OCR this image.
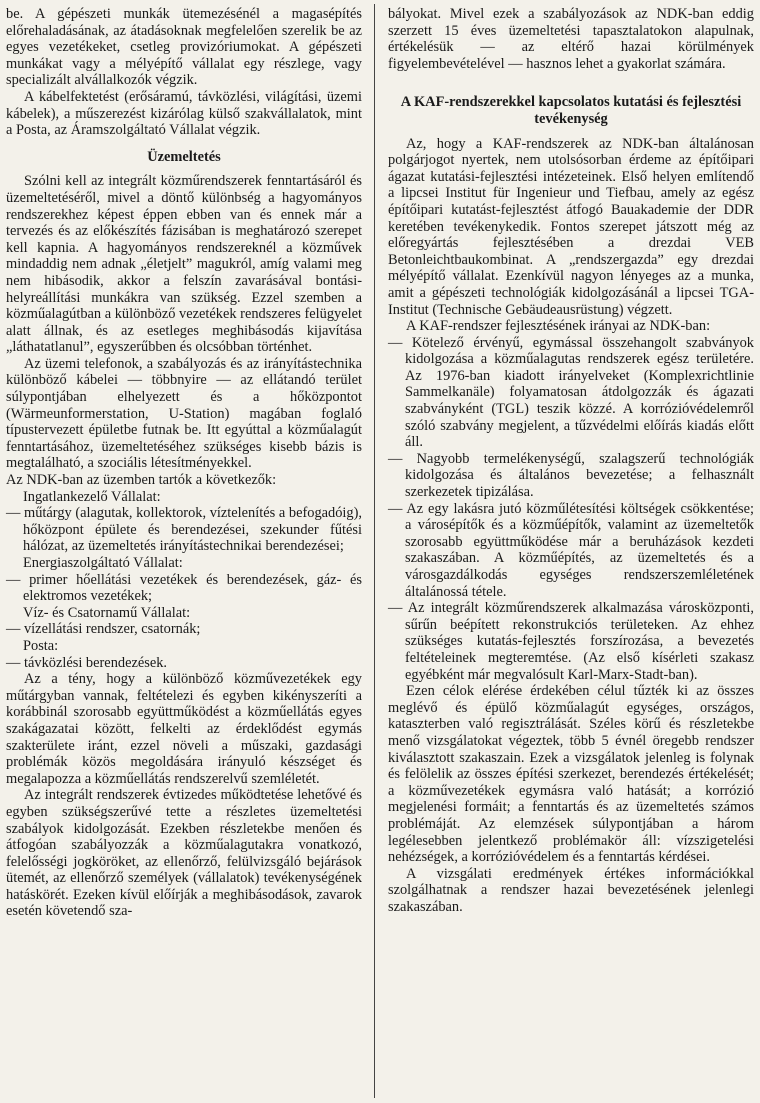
be. A gépészeti munkák ütemezésénél a magasépítés előrehaladásának, az átadásoknak megfelelően szerelik be az egyes vezetékeket, csetleg provizóriumokat. A gépészeti munkákat vagy a mélyépítő vállalat egy részlege, vagy specializált alvállalkozók végzik.

A kábelfektetést (erősáramú, távközlési, világítási, üzemi kábelek), a műszerezést kizárólag külső szakvállalatok, mint a Posta, az Áramszolgáltató Vállalat végzik.

Üzemeltetés

Szólni kell az integrált közműrendszerek fenntartásáról és üzemeltetéséről, mivel a döntő különbség a hagyományos rendszerekhez képest éppen ebben van és ennek már a tervezés és az előkészítés fázisában is meghatározó szerepet kell kapnia. A hagyományos rendszereknél a közművek mindaddig nem adnak „életjelt” magukról, amíg valami meg nem hibásodik, akkor a felszín zavarásával bontási-helyreállítási munkákra van szükség. Ezzel szemben a közműalagútban a különböző vezetékek rendszeres felügyelet alatt állnak, és az esetleges meghibásodás kijavítása „láthatatlanul”, egyszerűbben és olcsóbban történhet.

Az üzemi telefonok, a szabályozás és az irányítástechnika különböző kábelei — többnyire — az ellátandó terület súlypontjában elhelyezett és a hőközpontot (Wärmeunformerstation, U-Station) magában foglaló típustervezett épületbe futnak be. Itt egyúttal a közműalagút fenntartásához, üzemeltetéséhez szükséges kisebb bázis is megtalálható, a szociális létesítményekkel.

Az NDK-ban az üzemben tartók a következők:

Ingatlankezelő Vállalat:
— műtárgy (alagutak, kollektorok, víztelenítés a befogadóig), hőközpont épülete és berendezései, szekunder fűtési hálózat, az üzemeltetés irányítástechnikai berendezései;
Energiaszolgáltató Vállalat:
— primer hőellátási vezetékek és berendezések, gáz- és elektromos vezetékek;
Víz- és Csatornamű Vállalat:
— vízellátási rendszer, csatornák;
Posta:
— távközlési berendezések.

Az a tény, hogy a különböző közművezetékek egy műtárgyban vannak, feltételezi és egyben kikényszeríti a korábbinál szorosabb együttműködést a közműellátás egyes szakágazatai között, felkelti az érdeklődést egymás szakterülete iránt, ezzel növeli a műszaki, gazdasági problémák közös megoldására irányuló készséget és megalapozza a közműellátás rendszerelvű szemléletét.

Az integrált rendszerek évtizedes működtetése lehetővé és egyben szükségszerűvé tette a részletes üzemeltetési szabályok kidolgozását. Ezekben részletekbe menően és átfogóan szabályozzák a közműalagutakra vonatkozó, felelősségi jogköröket, az ellenőrző, felülvizsgáló bejárások ütemét, az ellenőrző személyek (vállalatok) tevékenységének hatáskörét. Ezeken kívül előírják a meghibásodások, zavarok esetén követendő sza-

bályokat. Mivel ezek a szabályozások az NDK-ban eddig szerzett 15 éves üzemeltetési tapasztalatokon alapulnak, értékelésük — az eltérő hazai körülmények figyelembevételével — hasznos lehet a gyakorlat számára.

A KAF-rendszerekkel kapcsolatos kutatási és fejlesztési tevékenység

Az, hogy a KAF-rendszerek az NDK-ban általánosan polgárjogot nyertek, nem utolsósorban érdeme az építőipari ágazat kutatási-fejlesztési intézeteinek. Első helyen említendő a lipcsei Institut für Ingenieur und Tiefbau, amely az egész építőipari kutatást-fejlesztést átfogó Bauakademie der DDR keretében tevékenykedik. Fontos szerepet játszott még az előregyártás fejlesztésében a drezdai VEB Betonleichtbaukombinat. A „rendszergazda” egy drezdai mélyépítő vállalat. Ezenkívül nagyon lényeges az a munka, amit a gépészeti technológiák kidolgozásánál a lipcsei TGA-Institut (Technische Gebäudeausrüstung) végzett.

A KAF-rendszer fejlesztésének irányai az NDK-ban:

— Kötelező érvényű, egymással összehangolt szabványok kidolgozása a közműalagutas rendszerek egész területére. Az 1976-ban kiadott irányelveket (Komplexrichtlinie Sammelkanäle) folyamatosan átdolgozzák és ágazati szabványként (TGL) teszik közzé. A korrózióvédelemről szóló szabvány megjelent, a tűzvédelmi előírás kiadás előtt áll.
— Nagyobb termelékenységű, szalagszerű technológiák kidolgozása és általános bevezetése; a felhasznált szerkezetek tipizálása.
— Az egy lakásra jutó közműlétesítési költségek csökkentése; a városépítők és a közműépítők, valamint az üzemeltetők szorosabb együttműködése már a beruházások kezdeti szakaszában. A közműépítés, az üzemeltetés és a városgazdálkodás egységes rendszerszemléletének általánossá tétele.
— Az integrált közműrendszerek alkalmazása városközponti, sűrűn beépített rekonstrukciós területeken. Az ehhez szükséges kutatás-fejlesztés forszírozása, a bevezetés feltételeinek megteremtése. (Az első kísérleti szakasz egyébként már megvalósult Karl-Marx-Stadt-ban).

Ezen célok elérése érdekében célul tűzték ki az összes meglévő és épülő közműalagút egységes, országos, kataszterben való regisztrálását. Széles körű és részletekbe menő vizsgálatokat végeztek, több 5 évnél öregebb rendszer kiválasztott szakaszain. Ezek a vizsgálatok jelenleg is folynak és felölelik az összes építési szerkezet, berendezés értékelését; a közművezetékek egymásra való hatását; a korrózió megjelenési formáit; a fenntartás és az üzemeltetés számos problémáját. Az elemzések súlypontjában a három legélesebben jelentkező problémakör áll: vízszigetelési nehézségek, a korrózióvédelem és a fenntartás kérdései.

A vizsgálati eredmények értékes információkkal szolgálhatnak a rendszer hazai bevezetésének jelenlegi szakaszában.
